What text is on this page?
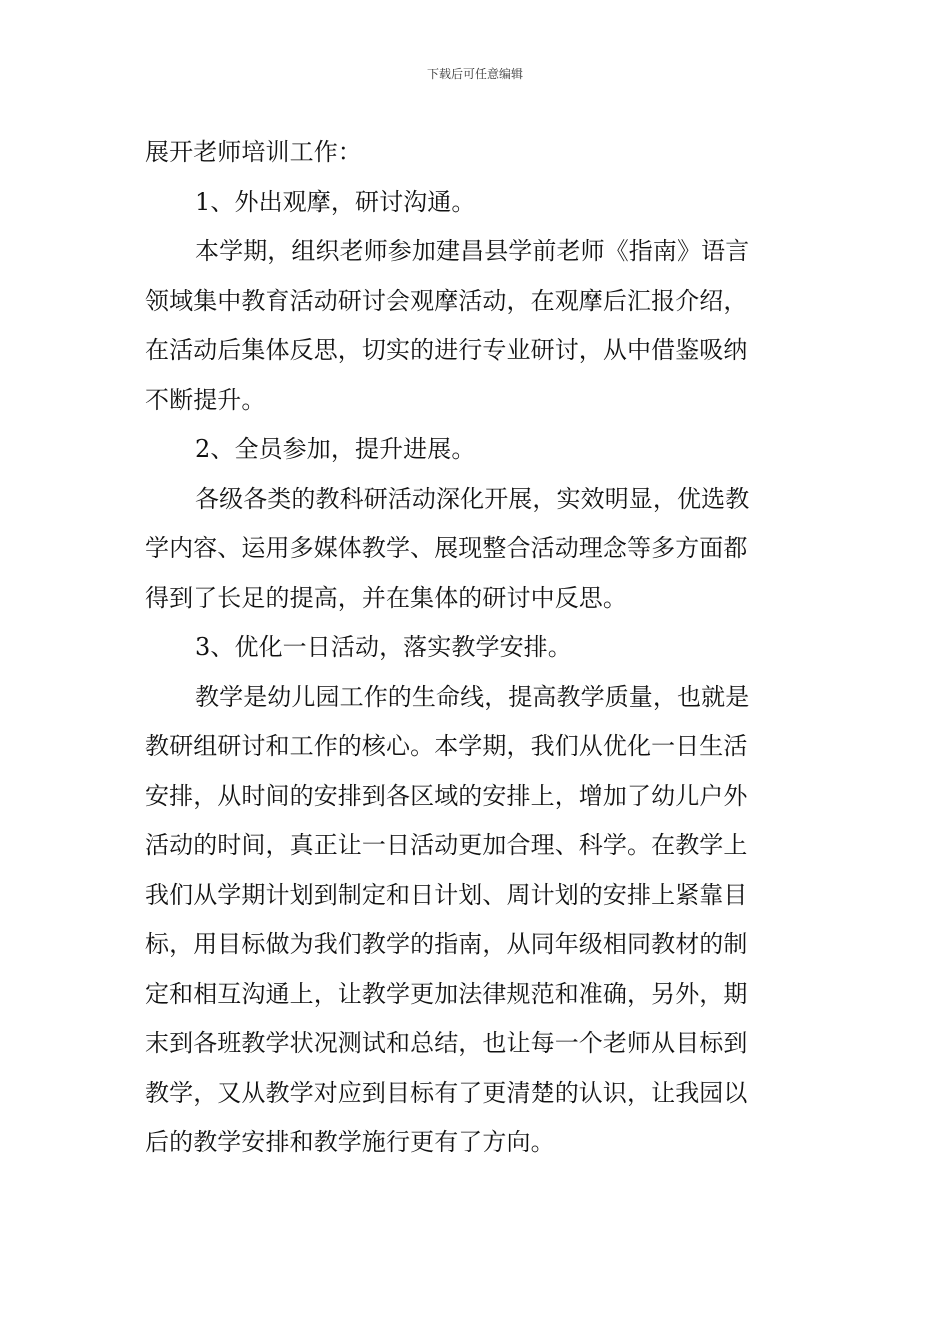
下载后可任意编辑
展开老师培训工作：
1、外出观摩，研讨沟通。
本学期，组织老师参加建昌县学前老师《指南》语言
领域集中教育活动研讨会观摩活动，在观摩后汇报介绍，
在活动后集体反思，切实的进行专业研讨，从中借鉴吸纳
不断提升。
2、全员参加，提升进展。
各级各类的教科研活动深化开展，实效明显，优选教
学内容、运用多媒体教学、展现整合活动理念等多方面都
得到了长足的提高，并在集体的研讨中反思。
3、优化一日活动，落实教学安排。
教学是幼儿园工作的生命线，提高教学质量，也就是
教研组研讨和工作的核心。本学期，我们从优化一日生活
安排，从时间的安排到各区域的安排上，增加了幼儿户外
活动的时间，真正让一日活动更加合理、科学。在教学上
我们从学期计划到制定和日计划、周计划的安排上紧靠目
标，用目标做为我们教学的指南，从同年级相同教材的制
定和相互沟通上，让教学更加法律规范和准确，另外，期
末到各班教学状况测试和总结，也让每一个老师从目标到
教学，又从教学对应到目标有了更清楚的认识，让我园以
后的教学安排和教学施行更有了方向。
